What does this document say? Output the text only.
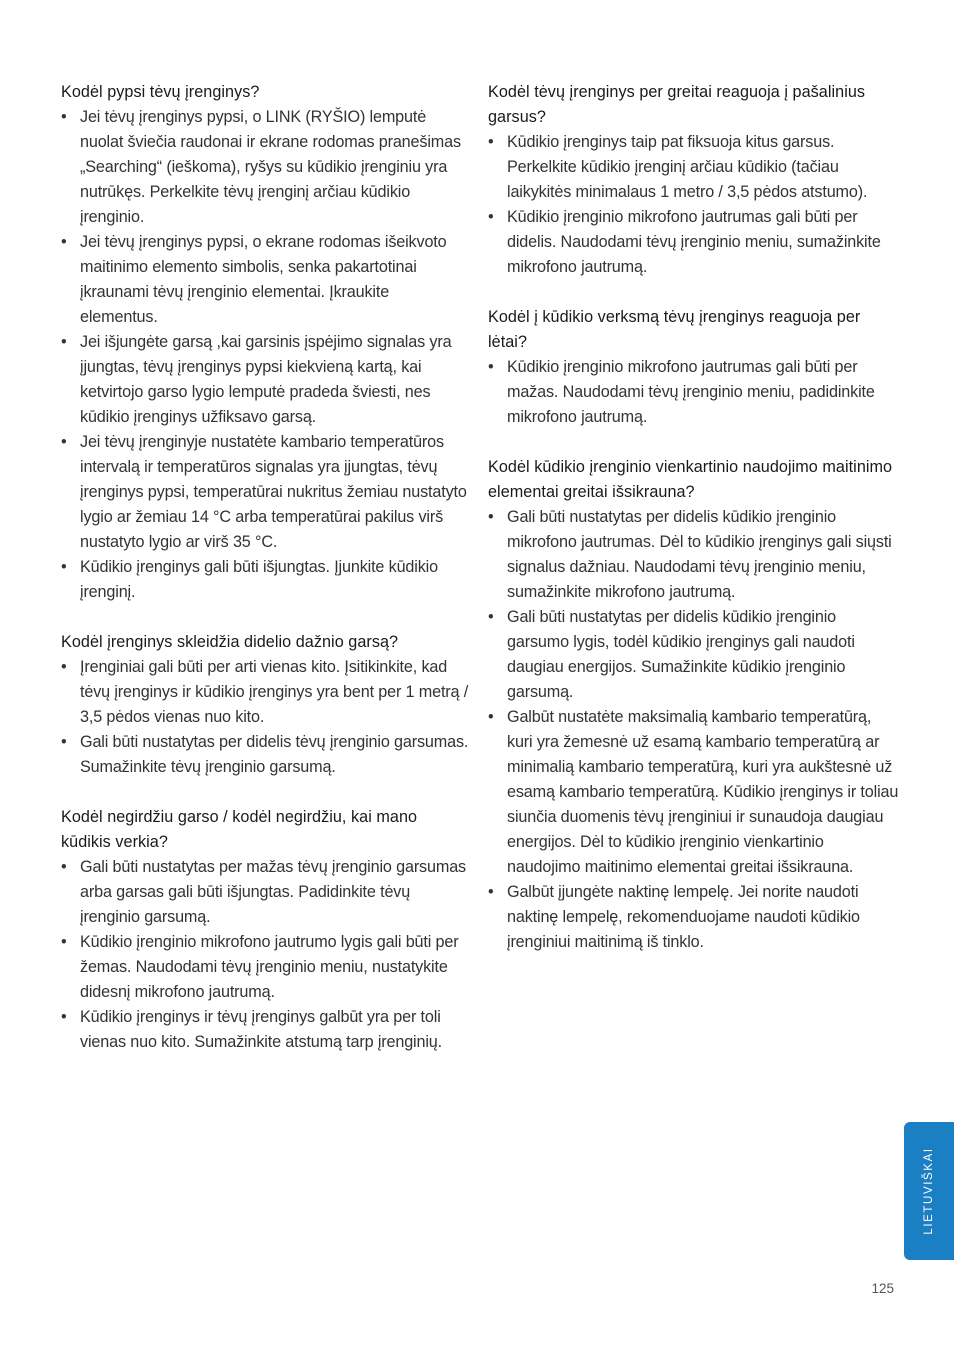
Kodėl pypsi tėvų įrenginys?
• Jei tėvų įrenginys pypsi, o LINK (RYŠIO) lemputė nuolat šviečia raudonai ir ekrane rodomas pranešimas „Searching“ (ieškoma), ryšys su kūdikio įrenginiu yra nutrūkęs. Perkelkite tėvų įrenginį arčiau kūdikio įrenginio.
• Jei tėvų įrenginys pypsi, o ekrane rodomas išeikvoto maitinimo elemento simbolis, senka pakartotinai įkraunami tėvų įrenginio elementai. Įkraukite elementus.
• Jei išjungėte garsą ,kai garsinis įspėjimo signalas yra įjungtas, tėvų įrenginys pypsi kiekvieną kartą, kai ketvirtojo garso lygio lemputė pradeda šviesti, nes kūdikio įrenginys užfiksavo garsą.
• Jei tėvų įrenginyje nustatėte kambario temperatūros intervalą ir temperatūros signalas yra įjungtas, tėvų įrenginys pypsi, temperatūrai nukritus žemiau nustatyto lygio ar žemiau 14 °C arba temperatūrai pakilus virš nustatyto lygio ar virš 35 °C.
• Kūdikio įrenginys gali būti išjungtas. Įjunkite kūdikio įrenginį.
Kodėl įrenginys skleidžia didelio dažnio garsą?
• Įrenginiai gali būti per arti vienas kito. Įsitikinkite, kad tėvų įrenginys ir kūdikio įrenginys yra bent per 1 metrą / 3,5 pėdos vienas nuo kito.
• Gali būti nustatytas per didelis tėvų įrenginio garsumas. Sumažinkite tėvų įrenginio garsumą.
Kodėl negirdžiu garso / kodėl negirdžiu, kai mano kūdikis verkia?
• Gali būti nustatytas per mažas tėvų įrenginio garsumas arba garsas gali būti išjungtas. Padidinkite tėvų įrenginio garsumą.
• Kūdikio įrenginio mikrofono jautrumo lygis gali būti per žemas. Naudodami tėvų įrenginio meniu, nustatykite didesnį mikrofono jautrumą.
• Kūdikio įrenginys ir tėvų įrenginys galbūt yra per toli vienas nuo kito. Sumažinkite atstumą tarp įrenginių.
Kodėl tėvų įrenginys per greitai reaguoja į pašalinius garsus?
• Kūdikio įrenginys taip pat fiksuoja kitus garsus. Perkelkite kūdikio įrenginį arčiau kūdikio (tačiau laikykitės minimalaus 1 metro / 3,5 pėdos atstumo).
• Kūdikio įrenginio mikrofono jautrumas gali būti per didelis. Naudodami tėvų įrenginio meniu, sumažinkite mikrofono jautrumą.
Kodėl į kūdikio verksmą tėvų įrenginys reaguoja per lėtai?
• Kūdikio įrenginio mikrofono jautrumas gali būti per mažas. Naudodami tėvų įrenginio meniu, padidinkite mikrofono jautrumą.
Kodėl kūdikio įrenginio vienkartinio naudojimo maitinimo elementai greitai išsikrauna?
• Gali būti nustatytas per didelis kūdikio įrenginio mikrofono jautrumas. Dėl to kūdikio įrenginys gali siųsti signalus dažniau. Naudodami tėvų įrenginio meniu, sumažinkite mikrofono jautrumą.
• Gali būti nustatytas per didelis kūdikio įrenginio garsumo lygis, todėl kūdikio įrenginys gali naudoti daugiau energijos. Sumažinkite kūdikio įrenginio garsumą.
• Galbūt nustatėte maksimalią kambario temperatūrą, kuri yra žemesnė už esamą kambario temperatūrą ar minimalią kambario temperatūrą, kuri yra aukštesnė už esamą kambario temperatūrą. Kūdikio įrenginys ir toliau siunčia duomenis tėvų įrenginiui ir sunaudoja daugiau energijos. Dėl to kūdikio įrenginio vienkartinio naudojimo maitinimo elementai greitai išsikrauna.
• Galbūt įjungėte naktinę lempelę. Jei norite naudoti naktinę lempelę, rekomenduojame naudoti kūdikio įrenginiui maitinimą iš tinklo.
LIETUVIŠKAI
125
